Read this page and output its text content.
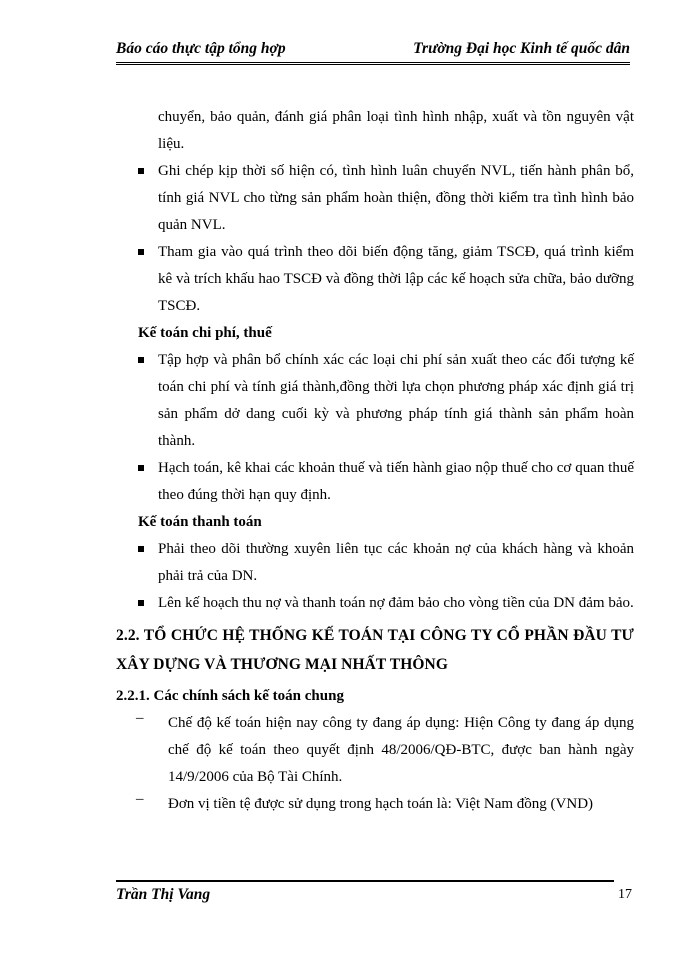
Báo cáo thực tập tổng hợp	Trường Đại học Kinh tế quốc dân

chuyển, bảo quản, đánh giá phân loại tình hình nhập, xuất và tồn nguyên vật liệu.

Ghi chép kịp thời số hiện có, tình hình luân chuyển NVL, tiến hành phân bổ, tính giá NVL cho từng sản phẩm hoàn thiện, đồng thời kiểm tra tình hình bảo quản NVL.

Tham gia vào quá trình theo dõi biến động tăng, giảm TSCĐ, quá trình kiểm kê và trích khấu hao TSCĐ và đồng thời lập các kế hoạch sửa chữa, bảo dưỡng TSCĐ.

Kế toán chi phí, thuế

Tập hợp và phân bổ chính xác các loại chi phí sản xuất theo các đối tượng kế toán chi phí và tính giá thành,đồng thời lựa chọn phương pháp xác định giá trị sản phẩm dở dang cuối kỳ và phương pháp tính giá thành sản phẩm hoàn thành.

Hạch toán, kê khai các khoản thuế và tiến hành giao nộp thuế cho cơ quan thuế theo đúng thời hạn quy định.

Kế toán thanh toán

Phải theo dõi thường xuyên liên tục các khoản nợ của khách hàng và khoản phải trả của DN.

Lên kế hoạch thu nợ và thanh toán nợ đảm bảo cho vòng tiền của DN đảm bảo.

2.2. TỔ CHỨC HỆ THỐNG KẾ TOÁN TẠI CÔNG TY CỔ PHẦN ĐẦU TƯ XÂY DỰNG VÀ THƯƠNG MẠI NHẤT THÔNG

2.2.1. Các chính sách kế toán chung
– Chế độ kế toán hiện nay công ty đang áp dụng: Hiện Công ty đang áp dụng chế độ kế toán theo quyết định 48/2006/QĐ-BTC, được ban hành ngày 14/9/2006 của Bộ Tài Chính.

– Đơn vị tiền tệ được sử dụng trong hạch toán là: Việt Nam đồng (VND)

Trần Thị Vang	17
